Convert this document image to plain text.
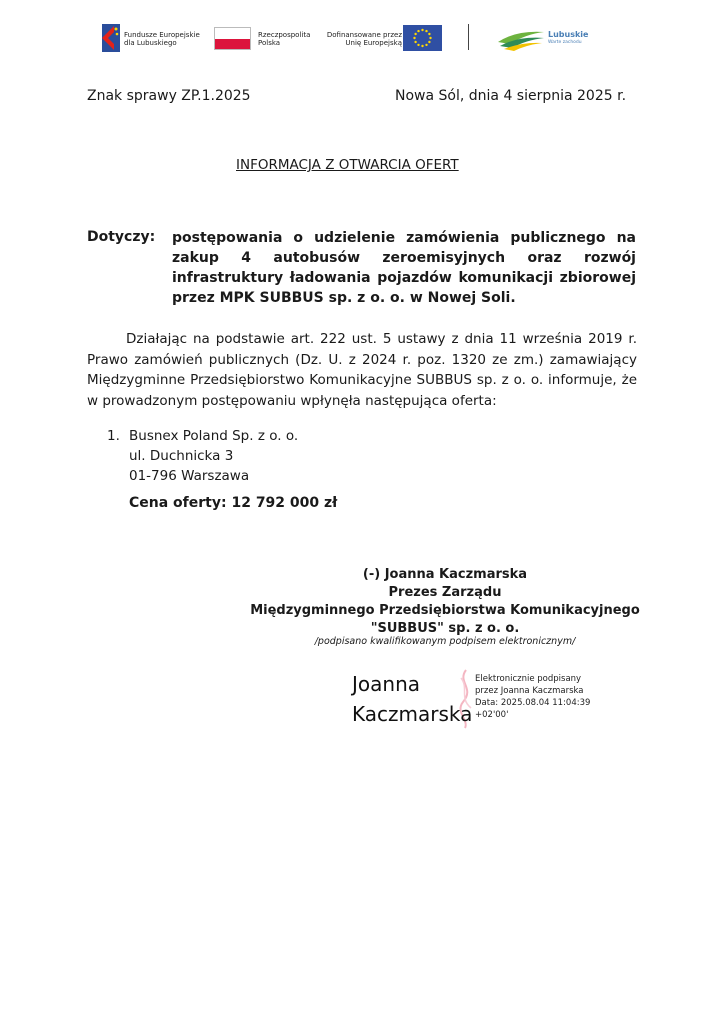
Fundusze Europejskie dla Lubuskiego
Rzeczpospolita Polska
Dofinansowane przez Unię Europejską
Lubuskie
Warte zachodu
Znak sprawy ZP.1.2025	Nowa Sól, dnia 4 sierpnia 2025 r.
INFORMACJA Z OTWARCIA OFERT
Dotyczy: postępowania o udzielenie zamówienia publicznego na zakup 4 autobusów zeroemisyjnych oraz rozwój infrastruktury ładowania pojazdów komunikacji zbiorowej przez MPK SUBBUS sp. z o. o. w Nowej Soli.
Działając na podstawie art. 222 ust. 5 ustawy z dnia 11 września 2019 r. Prawo zamówień publicznych (Dz. U. z 2024 r. poz. 1320 ze zm.) zamawiający Międzygminne Przedsiębiorstwo Komunikacyjne SUBBUS sp. z o. o. informuje, że w prowadzonym postępowaniu wpłynęła następująca oferta:
1. Busnex Poland Sp. z o. o.
ul. Duchnicka 3
01-796 Warszawa
Cena oferty: 12 792 000 zł
(-) Joanna Kaczmarska
Prezes Zarządu
Międzygminnego Przedsiębiorstwa Komunikacyjnego
"SUBBUS" sp. z o. o.
/podpisano kwalifikowanym podpisem elektronicznym/
Joanna
Kaczmarska
Elektronicznie podpisany
przez Joanna Kaczmarska
Data: 2025.08.04 11:04:39
+02'00'
